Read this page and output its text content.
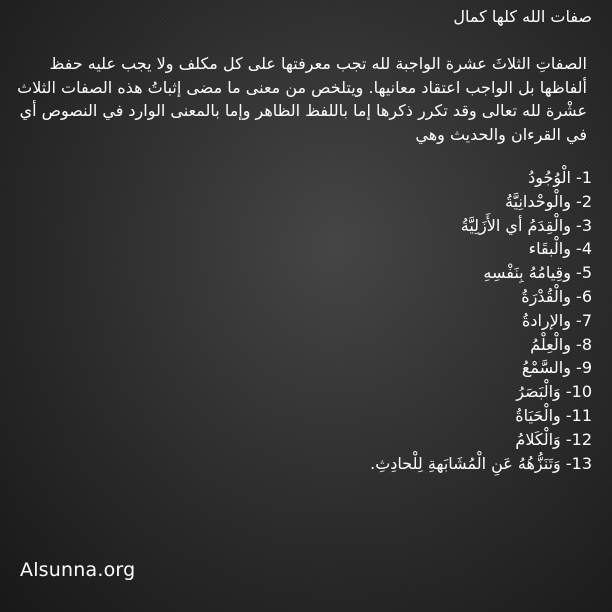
صفات الله كلها كمال

الصفاتِ الثلاثَ عشرة الواجبة لله تجب معرفتها على كل مكلف ولا يجب عليه حفظ ألفاظها بل الواجب اعتقاد معانيها. ويتلخص من معنى ما مضى إثباتُ هذه الصفات الثلاث عشْرة لله تعالى وقد تكرر ذكرها إما باللفظ الظاهر وإما بالمعنى الوارد في النصوص أي في القرءان والحديث وهي

1- الْوُجُودُ
2- والْوحْدانِيَّةُ
3- والْقِدَمُ أي الأَزَلِيَّةُ
4- والْبقَاء
5- وقِيامُهُ بِنَفْسِهِ
6- والْقُدْرَةُ
7- والإرادةُ
8- والْعِلْمُ
9- والسَّمْعُ
10- وَالْبَصَرُ
11- والْحَيَاةُ
12- وَالْكَلامُ
13- وَتَنَزُّهُهُ عَنِ الْمُشَابَهةِ لِلْحادِثِ.
Alsunna.org
